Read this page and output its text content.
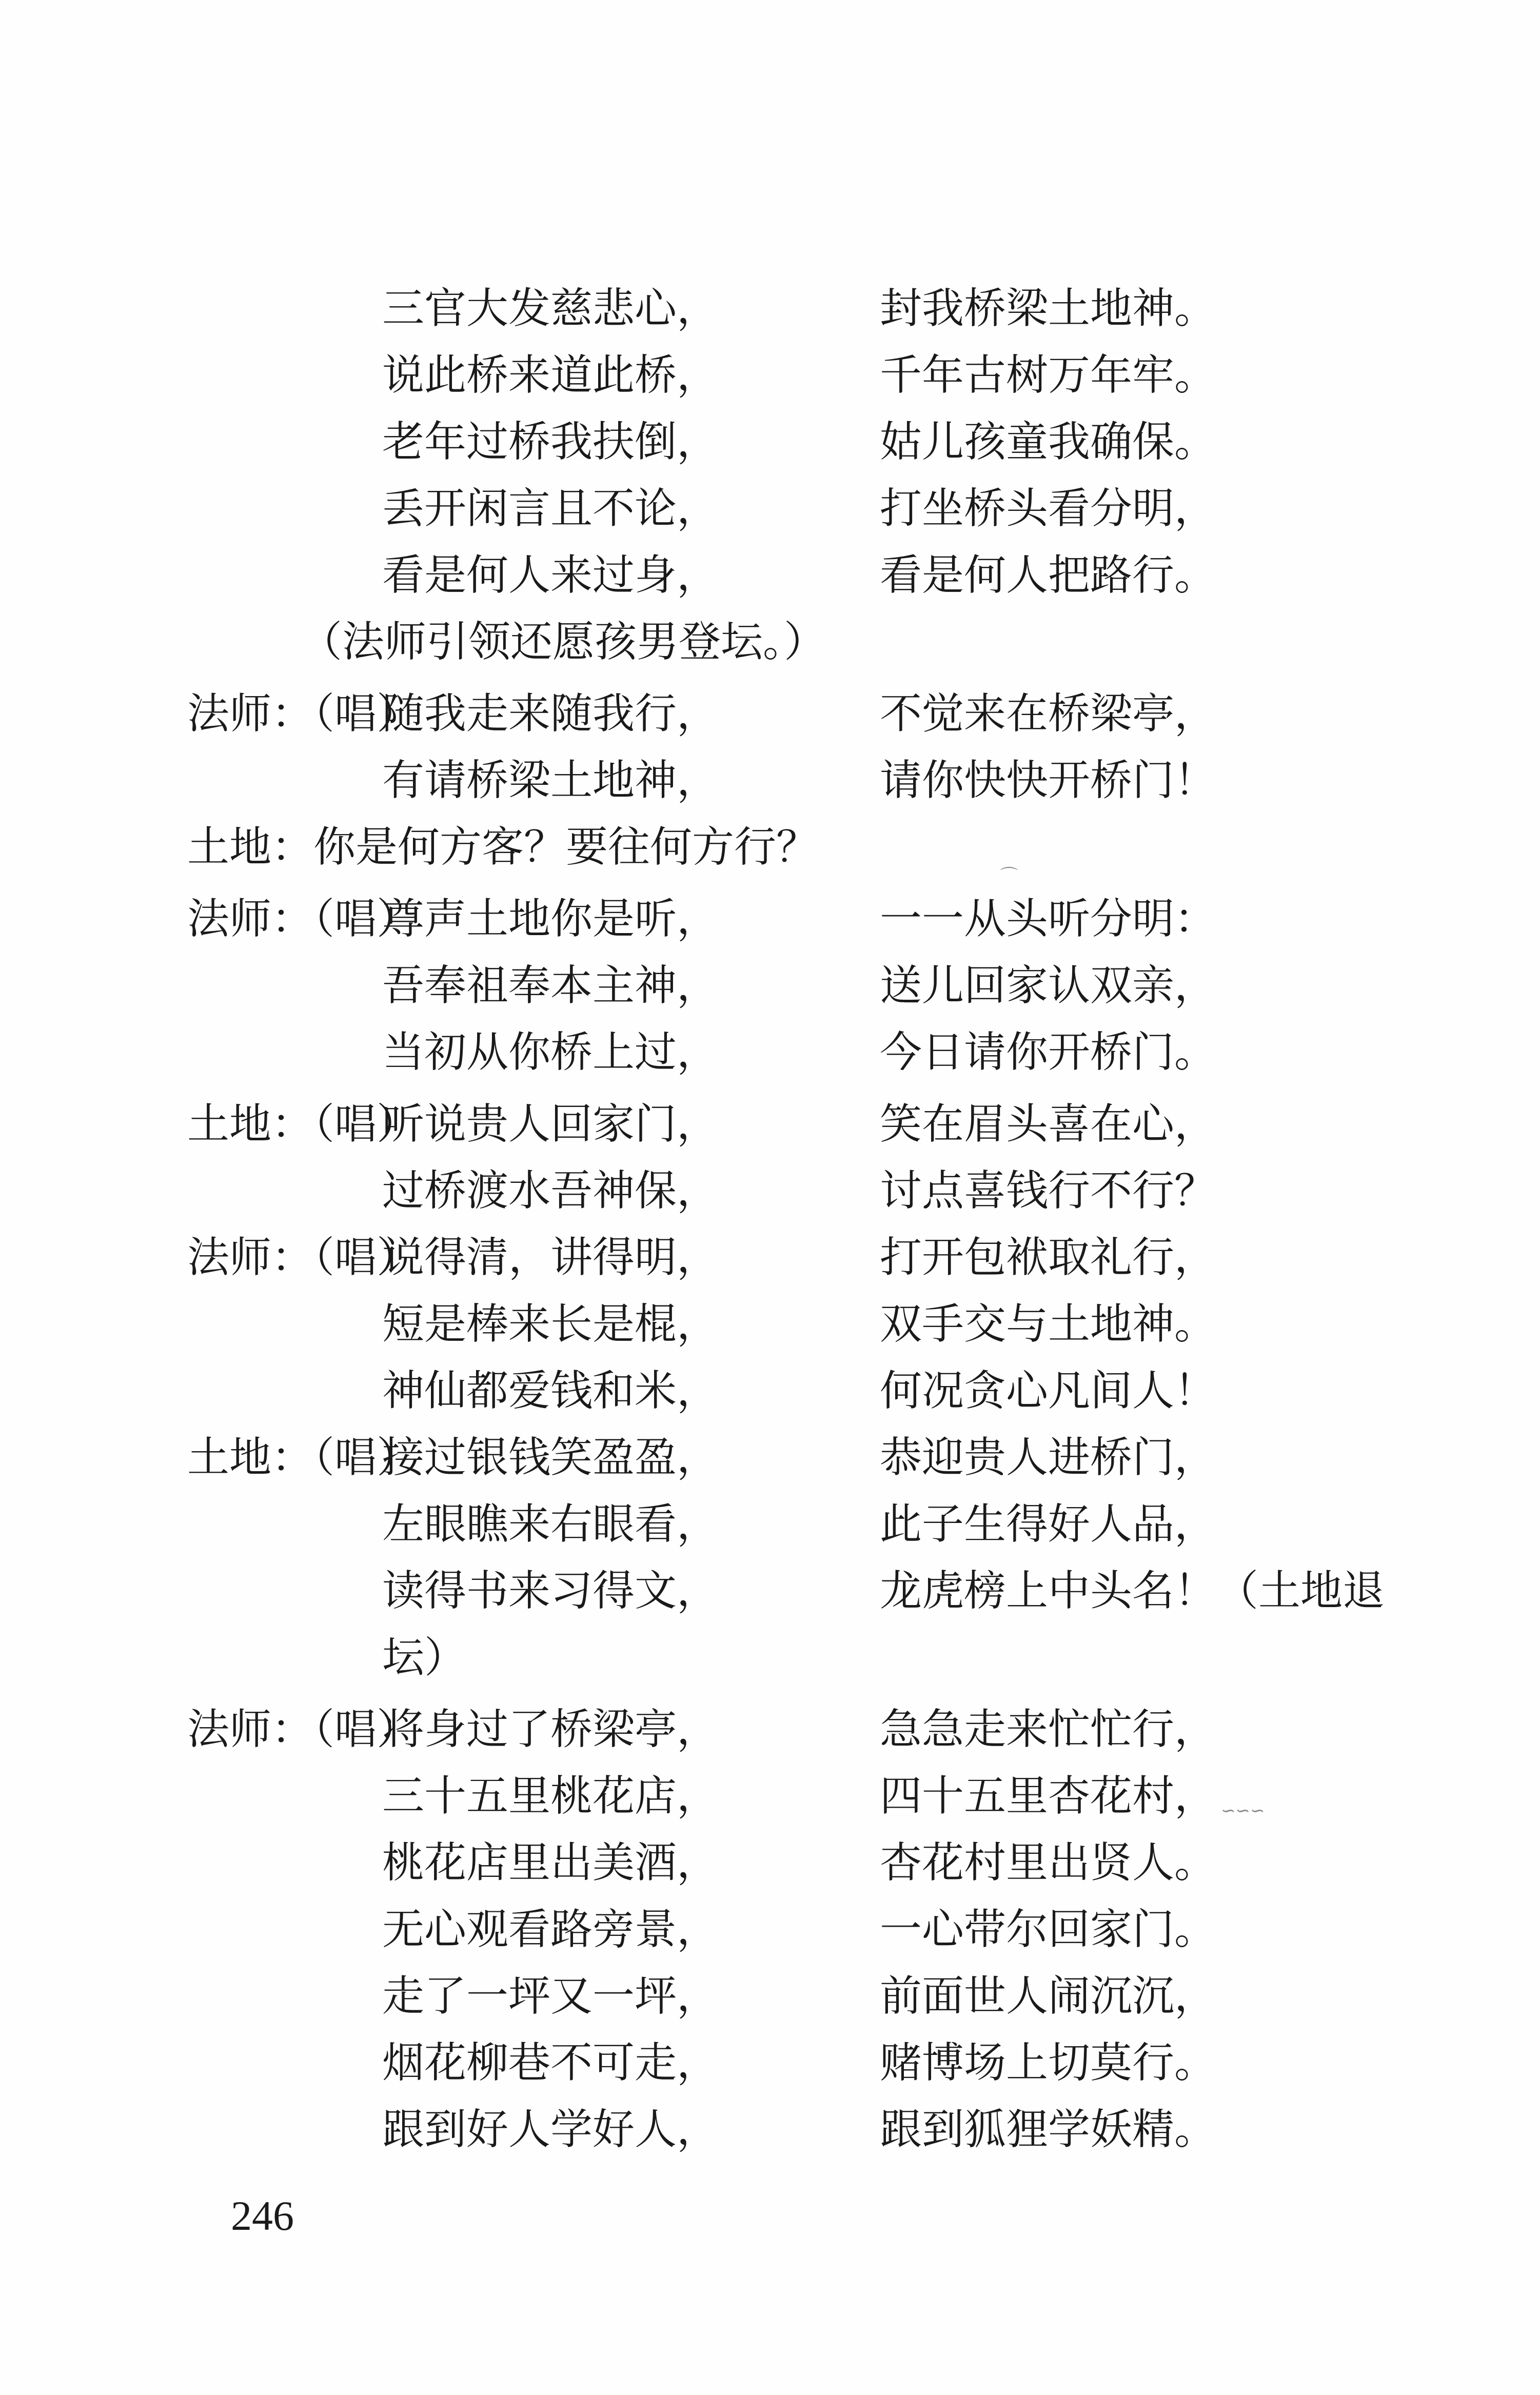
三官大发慈悲心，	封我桥梁土地神。
说此桥来道此桥，	千年古树万年牢。
老年过桥我扶倒，	姑儿孩童我确保。
丢开闲言且不论，	打坐桥头看分明，
看是何人来过身，	看是何人把路行。
（法师引领还愿孩男登坛。）
法师：（唱）
随我走来随我行，	不觉来在桥梁亭，
有请桥梁土地神，	请你快快开桥门！
土地：你是何方客？要往何方行？
法师：（唱）
尊声土地你是听，	一一从头听分明：
吾奉祖奉本主神，	送儿回家认双亲，
当初从你桥上过，	今日请你开桥门。
土地：（唱）
听说贵人回家门，	笑在眉头喜在心，
过桥渡水吾神保，	讨点喜钱行不行？
法师：（唱）
说得清，讲得明，	打开包袱取礼行，
短是棒来长是棍，	双手交与土地神。
神仙都爱钱和米，	何况贪心凡间人！
土地：（唱）
接过银钱笑盈盈，	恭迎贵人进桥门，
左眼瞧来右眼看，	此子生得好人品，
读得书来习得文，	龙虎榜上中头名！（土地退
坛）
法师：（唱）
将身过了桥梁亭，	急急走来忙忙行，
三十五里桃花店，	四十五里杏花村，
桃花店里出美酒，	杏花村里出贤人。
无心观看路旁景，	一心带尔回家门。
走了一坪又一坪，	前面世人闹沉沉，
烟花柳巷不可走，	赌博场上切莫行。
跟到好人学好人，	跟到狐狸学妖精。
246
⌒
∽∽∽
